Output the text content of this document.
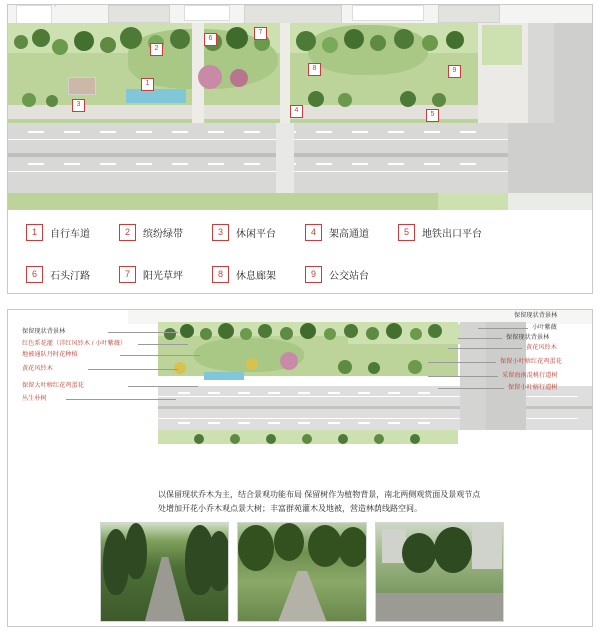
2
1
3
6
7
8
4
5
9
1	自行车道	2	缤纷绿带	3	休闲平台	4	架高通道	5	地铁出口平台
6	石头汀路	7	阳光草坪	8	休息廊架	9	公交站台
保留现状背景林
保留现状背景林
红色系花灌（洋红风铃木 / 小叶紫薇）
地被通队丹时花种植
黄花风铃木
保留大叶榕红花鸡蛋花
丛生朴树
小叶紫薇
保留现状背景林
黄花风铃木
保留小叶榕红花鸡蛋花
采留海南混桃行道树
保留小叶榕行道树
以保留现状乔木为主，结合景观功能布局 保留树作为植物背景，南北两侧观赏面及景观节点处增加开花小乔木观点景大树；丰富群苑灌木及地被，营造林荫线路空间。
